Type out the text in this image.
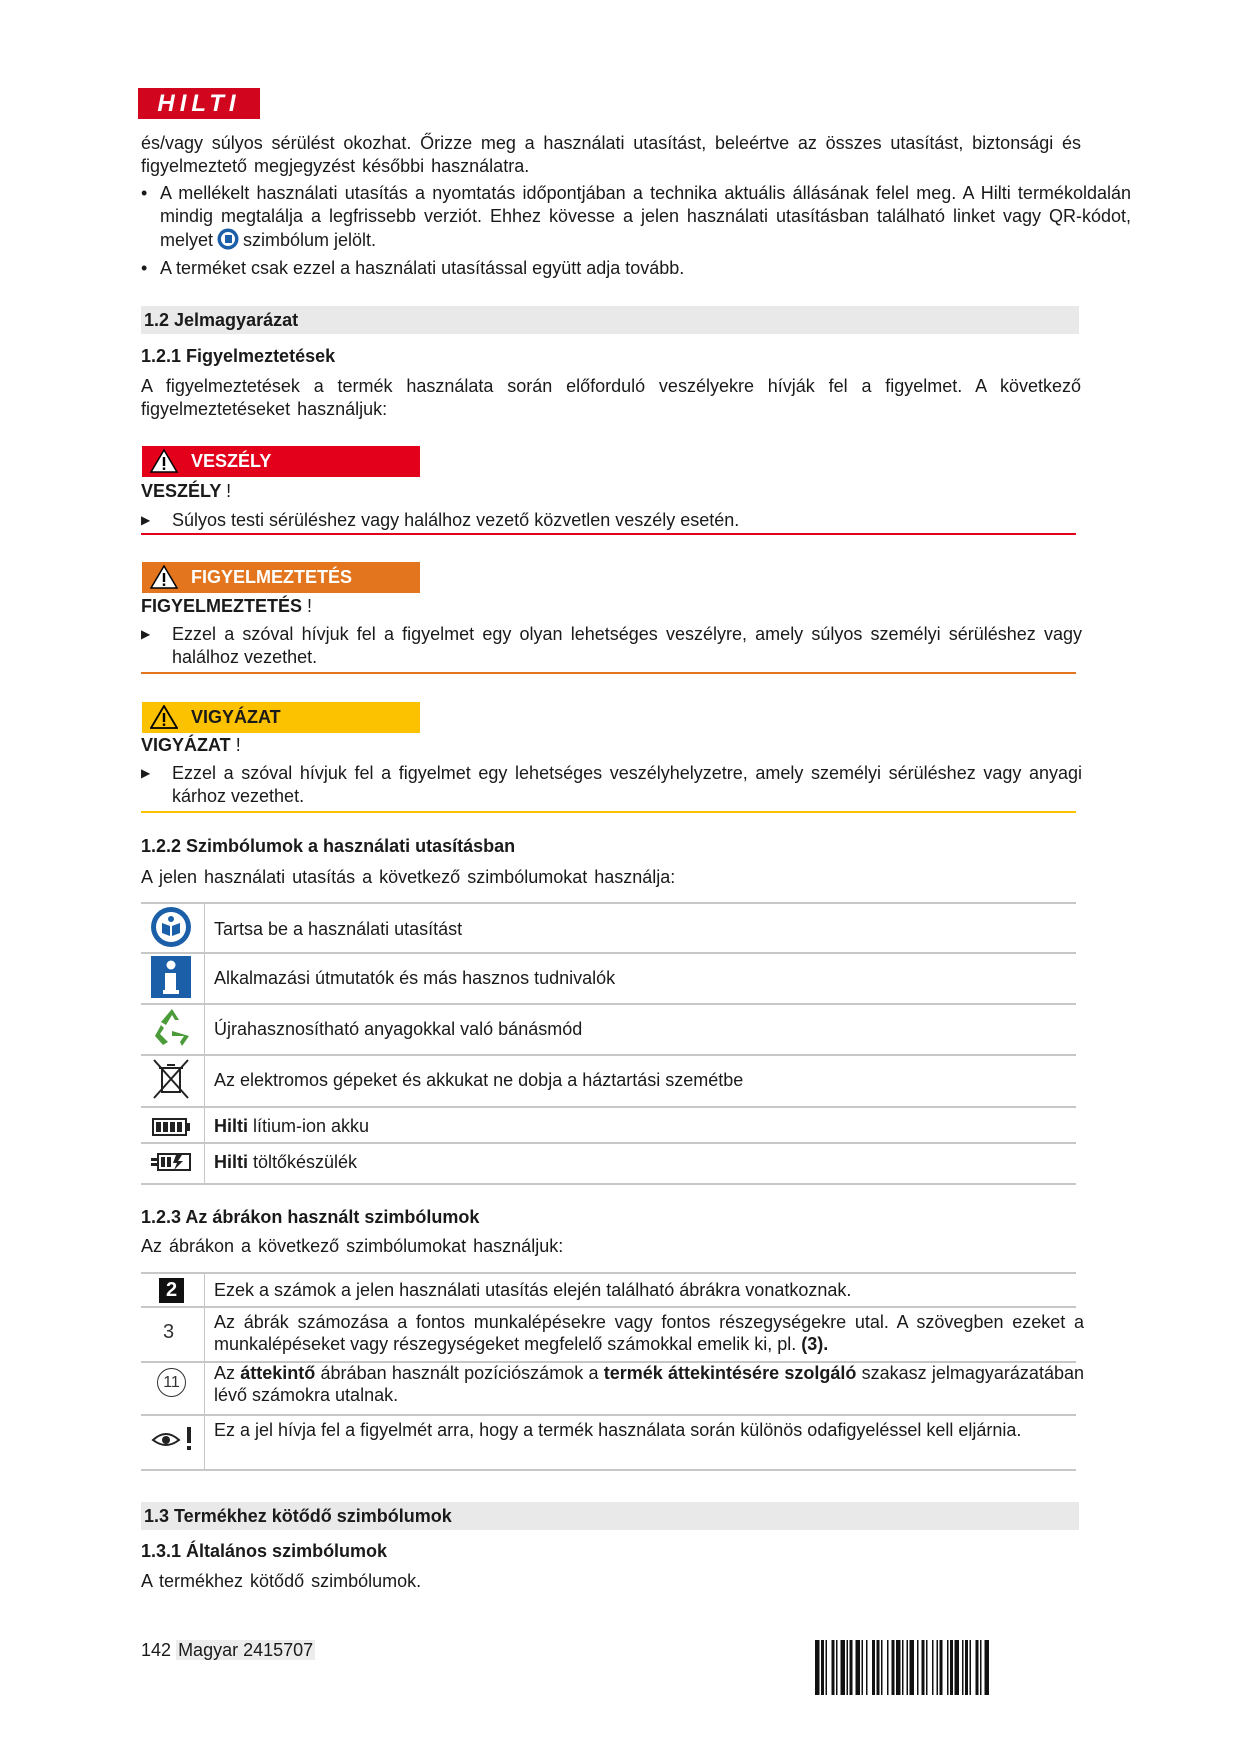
HILTI
és/vagy súlyos sérülést okozhat. Őrizze meg a használati utasítást, beleértve az összes utasítást, biztonsági és figyelmeztető megjegyzést későbbi használatra.
• A mellékelt használati utasítás a nyomtatás időpontjában a technika aktuális állásának felel meg. A Hilti termékoldalán mindig megtalálja a legfrissebb verziót. Ehhez kövesse a jelen használati utasításban található linket vagy QR-kódot, melyet szimbólum jelölt.
• A terméket csak ezzel a használati utasítással együtt adja tovább.
1.2 Jelmagyarázat
1.2.1 Figyelmeztetések
A figyelmeztetések a termék használata során előforduló veszélyekre hívják fel a figyelmet. A következő figyelmeztetéseket használjuk:
VESZÉLY
VESZÉLY !
▶ Súlyos testi sérüléshez vagy halálhoz vezető közvetlen veszély esetén.
FIGYELMEZTETÉS
FIGYELMEZTETÉS !
▶ Ezzel a szóval hívjuk fel a figyelmet egy olyan lehetséges veszélyre, amely súlyos személyi sérüléshez vagy halálhoz vezethet.
VIGYÁZAT
VIGYÁZAT !
▶ Ezzel a szóval hívjuk fel a figyelmet egy lehetséges veszélyhelyzetre, amely személyi sérüléshez vagy anyagi kárhoz vezethet.
1.2.2 Szimbólumok a használati utasításban
A jelen használati utasítás a következő szimbólumokat használja:
Tartsa be a használati utasítást
Alkalmazási útmutatók és más hasznos tudnivalók
Újrahasznosítható anyagokkal való bánásmód
Az elektromos gépeket és akkukat ne dobja a háztartási szemétbe
Hilti lítium-ion akku
Hilti töltőkészülék
1.2.3 Az ábrákon használt szimbólumok
Az ábrákon a következő szimbólumokat használjuk:
2	Ezek a számok a jelen használati utasítás elején található ábrákra vonatkoznak.
3 Az ábrák számozása a fontos munkalépésekre vagy fontos részegységekre utal. A szövegben ezeket a munkalépéseket vagy részegységeket megfelelő számokkal emelik ki, pl. (3).
11	Az áttekintő ábrában használt pozíciószámok a termék áttekintésére szolgáló szakasz jelmagyarázatában lévő számokra utalnak.
Ez a jel hívja fel a figyelmét arra, hogy a termék használata során különös odafigyeléssel kell eljárnia.
1.3 Termékhez kötődő szimbólumok
1.3.1 Általános szimbólumok
A termékhez kötődő szimbólumok.
142 Magyar 2415707
